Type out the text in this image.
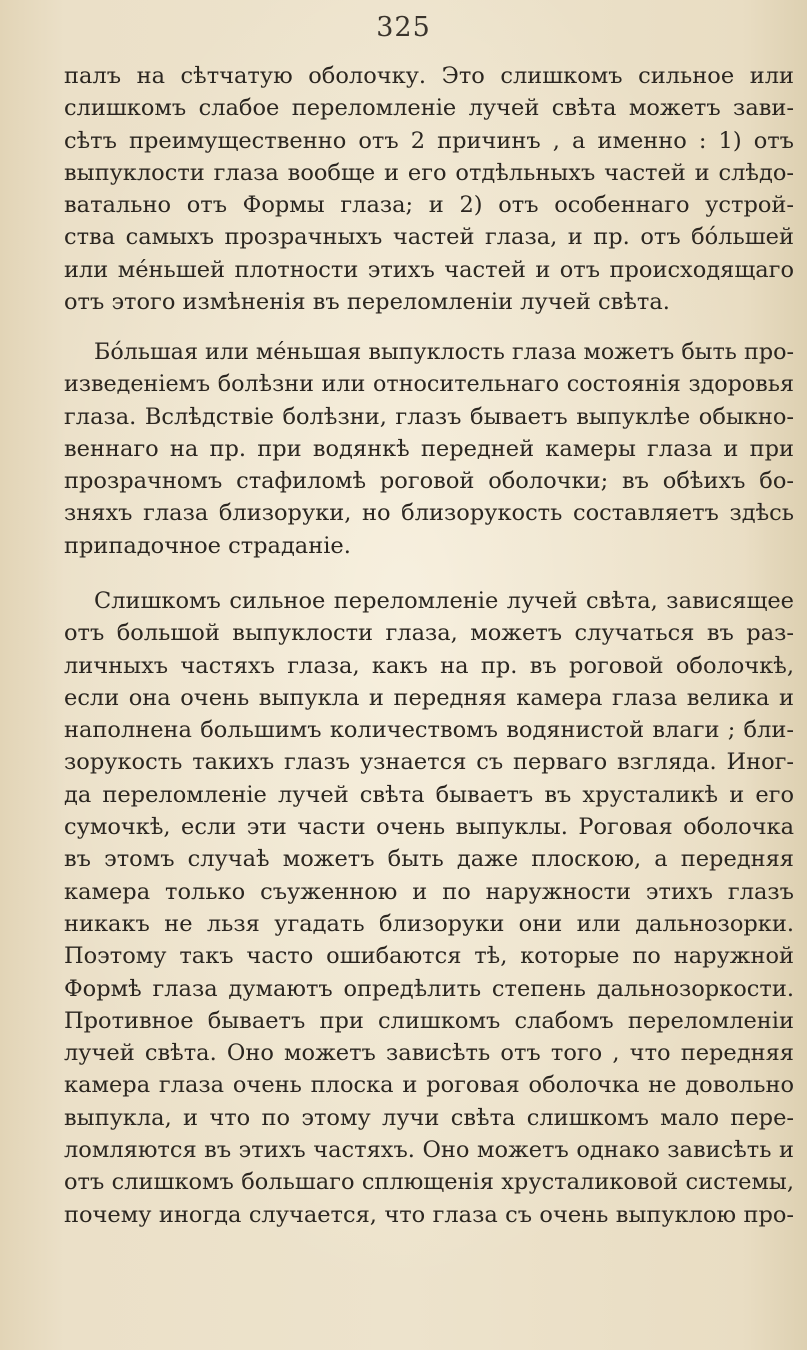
325
палъ на сѣтчатую оболочку. Это слишкомъ сильное или
слишкомъ слабое переломленіе лучей свѣта можетъ зави-
сѣтъ преимущественно отъ 2 причинъ , а именно : 1) отъ
выпуклости глаза вообще и его отдѣльныхъ частей и слѣдо-
ватально отъ Формы глаза; и 2) отъ особеннаго устрой-
ства самыхъ прозрачныхъ частей глаза, и пр. отъ бо́льшей
или мéньшей плотности этихъ частей и отъ происходящаго
отъ этого измѣненія въ переломленіи лучей свѣта.
Бо́льшая или мéньшая выпуклость глаза можетъ быть про-
изведеніемъ болѣзни или относительнаго состоянія здоровья
глаза. Вслѣдствіе болѣзни, глазъ бываетъ выпуклѣе обыкно-
веннаго на пр. при водянкѣ передней камеры глаза и при
прозрачномъ стафиломѣ роговой оболочки; въ обѣихъ бо-
зняхъ глаза близоруки, но близорукость составляетъ здѣсь
припадочное страданіе.
Слишкомъ сильное переломленіе лучей свѣта, зависящее
отъ большой выпуклости глаза, можетъ случаться въ раз-
личныхъ частяхъ глаза, какъ на пр. въ роговой оболочкѣ,
если она очень выпукла и передняя камера глаза велика и
наполнена большимъ количествомъ водянистой влаги ; бли-
зорукость такихъ глазъ узнается съ перваго взгляда. Иног-
да переломленіе лучей свѣта бываетъ въ хрусталикѣ и его
сумочкѣ, если эти части очень выпуклы. Роговая оболочка
въ этомъ случаѣ можетъ быть даже плоскою, а передняя
камера только съуженною и по наружности этихъ глазъ
никакъ не льзя угадать близоруки они или дальнозорки.
Поэтому такъ часто ошибаются тѣ, которые по наружной
Формѣ глаза думаютъ опредѣлить степень дальнозоркости.
Противное бываетъ при слишкомъ слабомъ переломленіи
лучей свѣта. Оно можетъ зависѣть отъ того , что передняя
камера глаза очень плоска и роговая оболочка не довольно
выпукла, и что по этому лучи свѣта слишкомъ мало пере-
ломляются въ этихъ частяхъ. Оно можетъ однако зависѣть и
отъ слишкомъ большаго сплющенія хрусталиковой системы,
почему иногда случается, что глаза съ очень выпуклою про-
